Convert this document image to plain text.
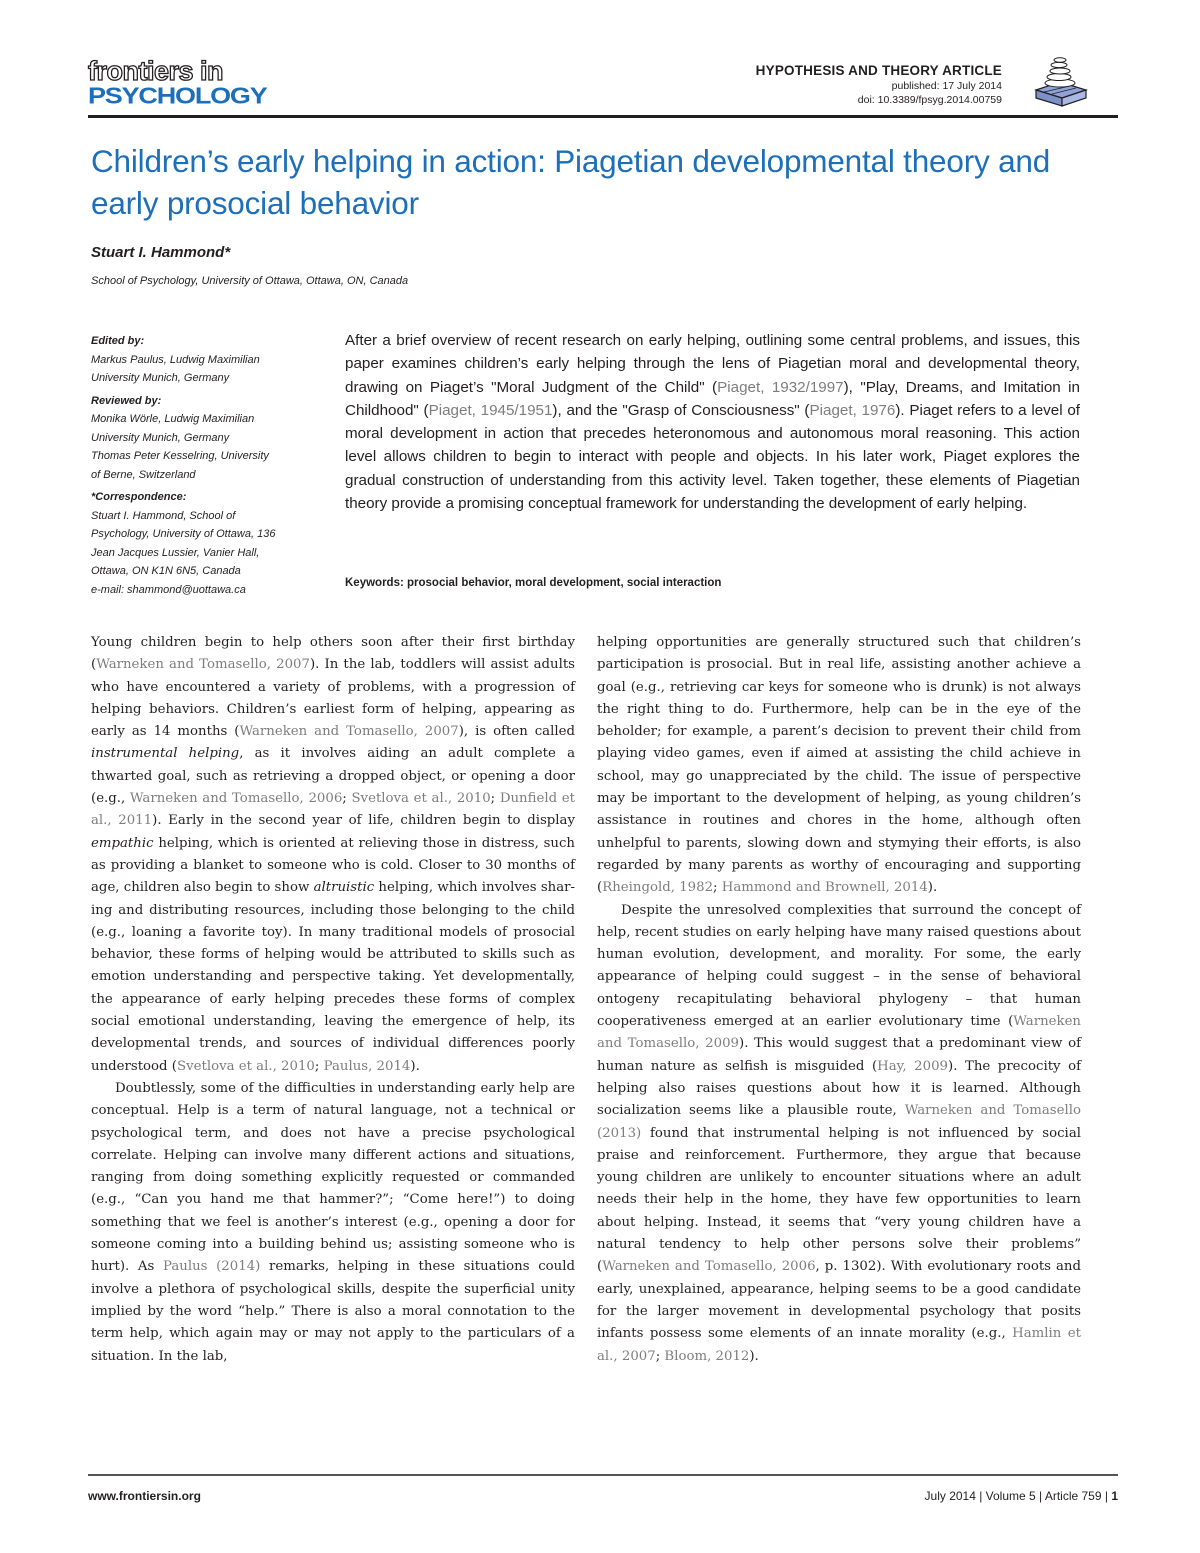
frontiers in
PSYCHOLOGY
HYPOTHESIS AND THEORY ARTICLE
published: 17 July 2014
doi: 10.3389/fpsyg.2014.00759
Children’s early helping in action: Piagetian developmental theory and early prosocial behavior
Stuart I. Hammond*
School of Psychology, University of Ottawa, Ottawa, ON, Canada
Edited by:
Markus Paulus, Ludwig Maximilian
University Munich, Germany
Reviewed by:
Monika Wörle, Ludwig Maximilian
University Munich, Germany
Thomas Peter Kesselring, University
of Berne, Switzerland
*Correspondence:
Stuart I. Hammond, School of
Psychology, University of Ottawa, 136
Jean Jacques Lussier, Vanier Hall,
Ottawa, ON K1N 6N5, Canada
e-mail: shammond@uottawa.ca
After a brief overview of recent research on early helping, outlining some central problems, and issues, this paper examines children’s early helping through the lens of Piagetian moral and developmental theory, drawing on Piaget’s "Moral Judgment of the Child" (Piaget, 1932/1997), "Play, Dreams, and Imitation in Childhood" (Piaget, 1945/1951), and the "Grasp of Consciousness" (Piaget, 1976). Piaget refers to a level of moral development in action that precedes heteronomous and autonomous moral reasoning. This action level allows children to begin to interact with people and objects. In his later work, Piaget explores the gradual construction of understanding from this activity level. Taken together, these elements of Piagetian theory provide a promising conceptual framework for understanding the development of early helping.
Keywords: prosocial behavior, moral development, social interaction

Young children begin to help others soon after their first birthday (Warneken and Tomasello, 2007). In the lab, toddlers will assist adults who have encountered a variety of problems, with a progression of helping behaviors. Children’s earliest form of helping, appearing as early as 14 months (Warneken and Tomasello, 2007), is often called instrumental helping, as it involves aiding an adult complete a thwarted goal, such as retrieving a dropped object, or opening a door (e.g., Warneken and Tomasello, 2006; Svetlova et al., 2010; Dunfield et al., 2011). Early in the second year of life, children begin to display empathic helping, which is oriented at relieving those in distress, such as providing a blanket to someone who is cold. Closer to 30 months of age, children also begin to show altruistic helping, which involves sharing and distributing resources, including those belonging to the child (e.g., loaning a favorite toy). In many traditional models of prosocial behavior, these forms of helping would be attributed to skills such as emotion understanding and perspective taking. Yet developmentally, the appearance of early helping precedes these forms of complex social emotional understanding, leaving the emergence of help, its developmental trends, and sources of individual differences poorly understood (Svetlova et al., 2010; Paulus, 2014).

Doubtlessly, some of the difficulties in understanding early help are conceptual. Help is a term of natural language, not a technical or psychological term, and does not have a precise psychological correlate. Helping can involve many different actions and situations, ranging from doing something explicitly requested or commanded (e.g., “Can you hand me that hammer?”; “Come here!”) to doing something that we feel is another’s interest (e.g., opening a door for someone coming into a building behind us; assisting someone who is hurt). As Paulus (2014) remarks, helping in these situations could involve a plethora of psychological skills, despite the superficial unity implied by the word “help.” There is also a moral connotation to the term help, which again may or may not apply to the particulars of a situation. In the lab,

helping opportunities are generally structured such that children’s participation is prosocial. But in real life, assisting another achieve a goal (e.g., retrieving car keys for someone who is drunk) is not always the right thing to do. Furthermore, help can be in the eye of the beholder; for example, a parent’s decision to prevent their child from playing video games, even if aimed at assisting the child achieve in school, may go unappreciated by the child. The issue of perspective may be important to the development of helping, as young children’s assistance in routines and chores in the home, although often unhelpful to parents, slowing down and stymying their efforts, is also regarded by many parents as worthy of encouraging and supporting (Rheingold, 1982; Hammond and Brownell, 2014).

Despite the unresolved complexities that surround the concept of help, recent studies on early helping have many raised questions about human evolution, development, and morality. For some, the early appearance of helping could suggest – in the sense of behavioral ontogeny recapitulating behavioral phylogeny – that human cooperativeness emerged at an earlier evolutionary time (Warneken and Tomasello, 2009). This would suggest that a predominant view of human nature as selfish is misguided (Hay, 2009). The precocity of helping also raises questions about how it is learned. Although socialization seems like a plausible route, Warneken and Tomasello (2013) found that instrumental helping is not influenced by social praise and reinforcement. Furthermore, they argue that because young children are unlikely to encounter situations where an adult needs their help in the home, they have few opportunities to learn about helping. Instead, it seems that “very young children have a natural tendency to help other persons solve their problems” (Warneken and Tomasello, 2006, p. 1302). With evolutionary roots and early, unexplained, appearance, helping seems to be a good candidate for the larger movement in developmental psychology that posits infants possess some elements of an innate morality (e.g., Hamlin et al., 2007; Bloom, 2012).

www.frontiersin.org	July 2014 | Volume 5 | Article 759 | 1
